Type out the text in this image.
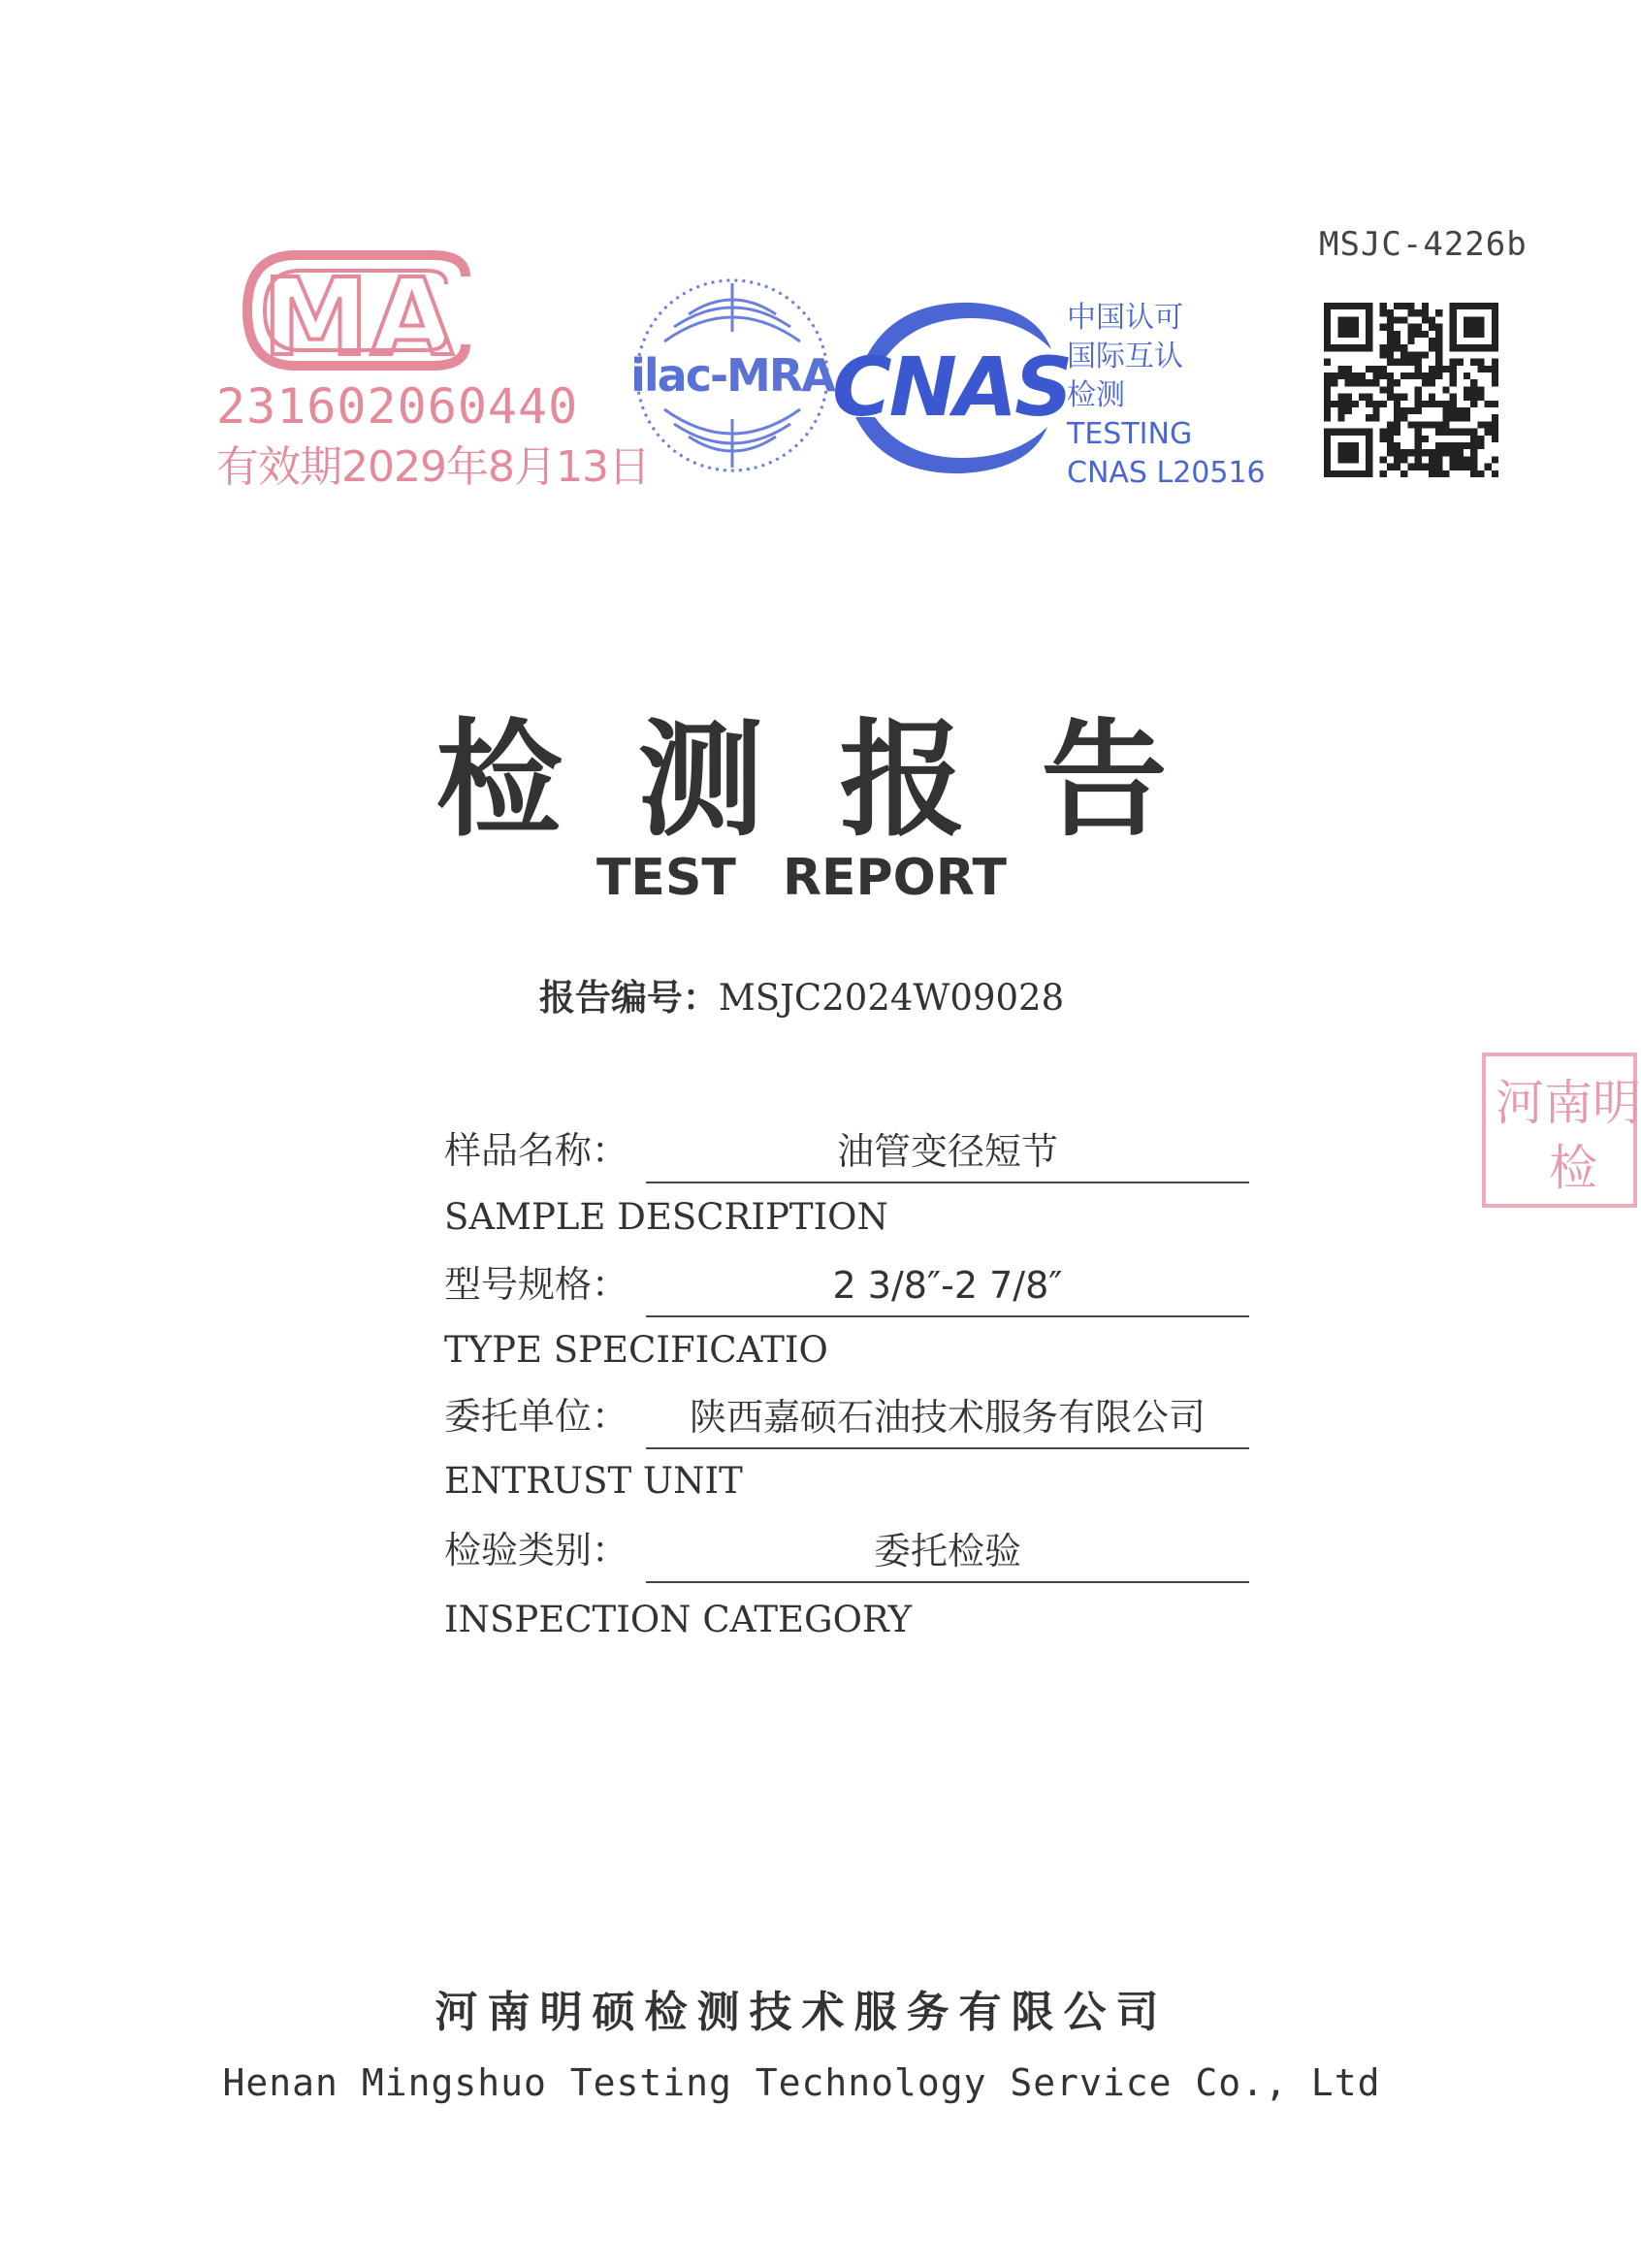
MSJC-4226b
MA
231602060440
有效期2029年8月13日
ilac-MRA
CNAS
中国认可
国际互认
检测
TESTING
CNAS L20516
检测报告
TEST REPORT
报告编号：MSJC2024W09028
样品名称：	油管变径短节
SAMPLE DESCRIPTION
型号规格：	2 3/8″-2 7/8″
TYPE SPECIFICATIO
委托单位：	陕西嘉硕石油技术服务有限公司
ENTRUST UNIT
检验类别：	委托检验
INSPECTION CATEGORY
河南明
检
河南明硕检测技术服务有限公司
Henan Mingshuo Testing Technology Service Co., Ltd
